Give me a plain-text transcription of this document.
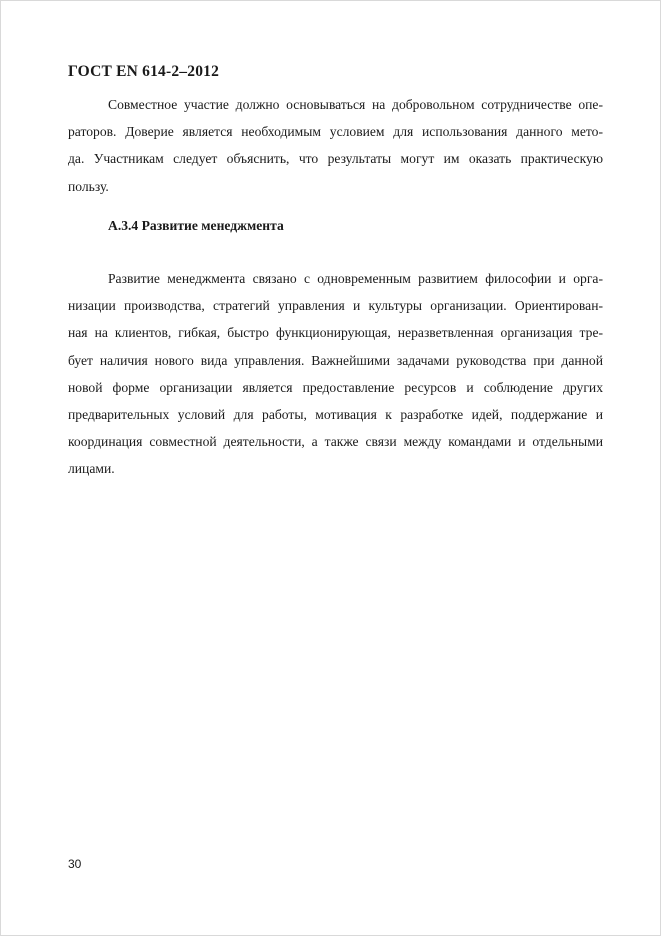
ГОСТ EN 614-2–2012

Совместное участие должно основываться на добровольном сотрудничестве опе-
раторов. Доверие является необходимым условием для использования данного мето-
да. Участникам следует объяснить, что результаты могут им оказать практическую
пользу.

А.3.4 Развитие менеджмента

Развитие менеджмента связано с одновременным развитием философии и орга-
низации производства, стратегий управления и культуры организации. Ориентирован-
ная на клиентов, гибкая, быстро функционирующая, неразветвленная организация тре-
бует наличия нового вида управления. Важнейшими задачами руководства при данной
новой форме организации является предоставление ресурсов и соблюдение других
предварительных условий для работы, мотивация к разработке идей, поддержание и
координация совместной деятельности, а также связи между командами и отдельными
лицами.

30
